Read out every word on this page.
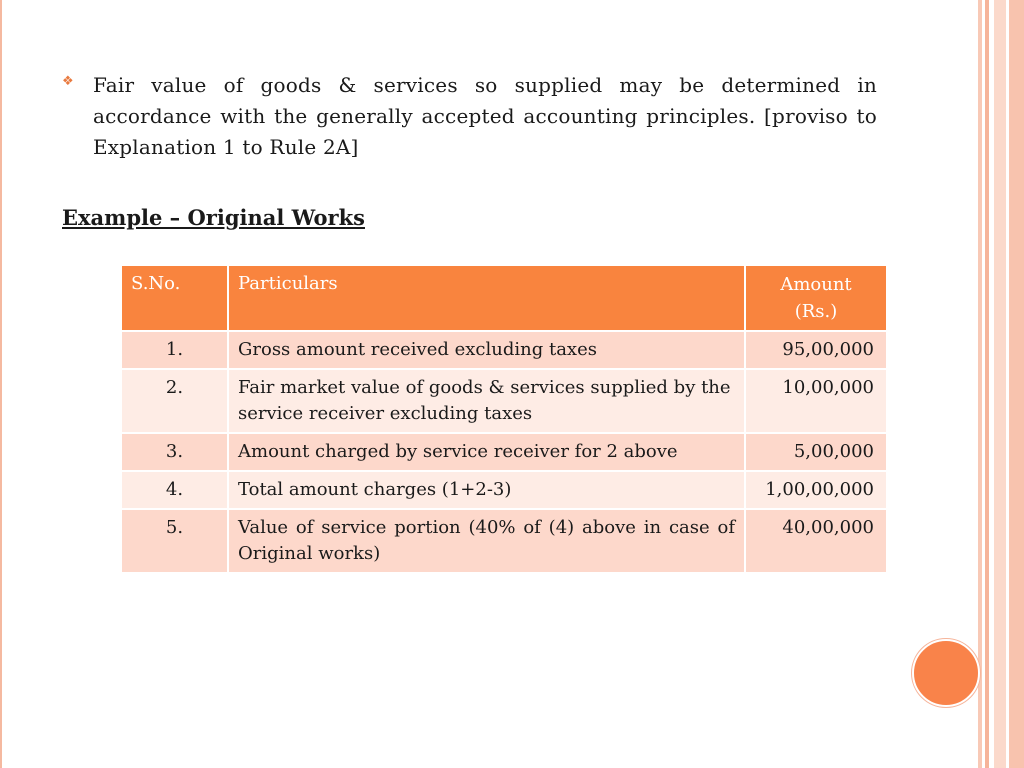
❖ Fair value of goods & services so supplied may be determined in accordance with the generally accepted accounting principles. [proviso to Explanation 1 to Rule 2A]
Example – Original Works
S.No.	Particulars	Amount
(Rs.)
1.	Gross amount received excluding taxes	95,00,000
2.	Fair market value of goods & services supplied by the service receiver excluding taxes	10,00,000
3.	Amount charged by service receiver for 2 above	5,00,000
4.	Total amount charges (1+2-3)	1,00,00,000
5.	Value of service portion (40% of (4) above in case of Original works)	40,00,000
